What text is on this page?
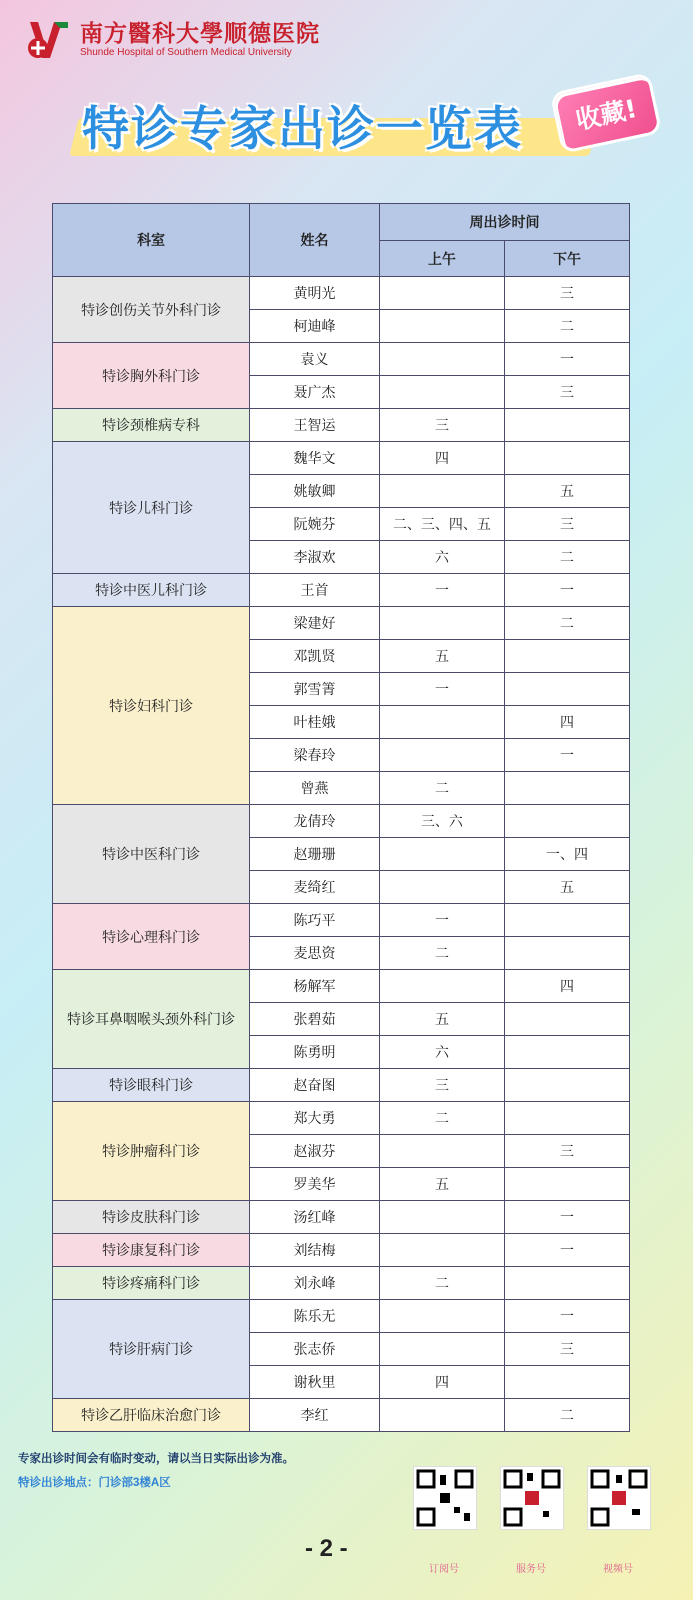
南方醫科大學顺德医院
Shunde Hospital of Southern Medical University
特诊专家出诊一览表	收藏!
科室	姓名	周出诊时间	
		上午	下午
特诊创伤关节外科门诊	黄明光		三
	柯迪峰		二
特诊胸外科门诊	袁义		一
	聂广杰		三
特诊颈椎病专科	王智运	三	
特诊儿科门诊	魏华文	四	
	姚敏卿		五
	阮婉芬	二、三、四、五	三
	李淑欢	六	二
特诊中医儿科门诊	王首	一	一
特诊妇科门诊	梁建好		二
	邓凯贤	五	
	郭雪箐	一	
	叶桂娥		四
	梁春玲		一
	曾燕	二	
特诊中医科门诊	龙倩玲	三、六	
	赵珊珊		一、四
	麦绮红		五
特诊心理科门诊	陈巧平	一	
	麦思资	二	
特诊耳鼻咽喉头颈外科门诊	杨解军		四
	张碧茹	五	
	陈勇明	六	
特诊眼科门诊	赵奋图	三	
特诊肿瘤科门诊	郑大勇	二	
	赵淑芬		三
	罗美华	五	
特诊皮肤科门诊	汤红峰		一
特诊康复科门诊	刘结梅		一
特诊疼痛科门诊	刘永峰	二	
特诊肝病门诊	陈乐无		一
	张志侨		三
	谢秋里	四	
特诊乙肝临床治愈门诊	李红		二
专家出诊时间会有临时变动，请以当日实际出诊为准。
特诊出诊地点：门诊部3楼A区
- 2 -
订阅号	服务号	视频号
